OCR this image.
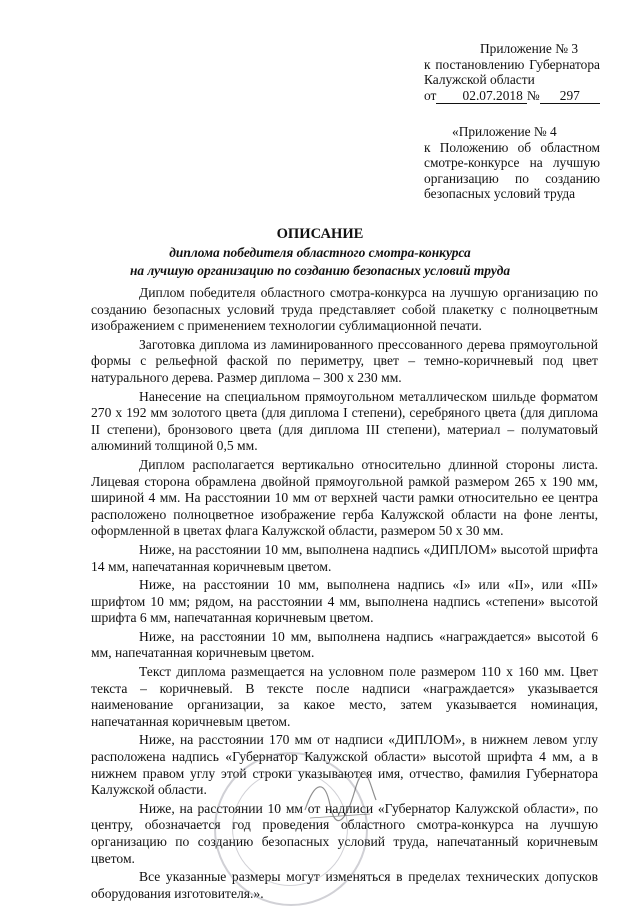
Приложение № 3
к постановлению Губернатора
Калужской области
от	02.07.2018 №	297
«Приложение № 4
к Положению об областном
смотре-конкурсе на лучшую
организацию по созданию
безопасных условий труда
ОПИСАНИЕ
диплома победителя областного смотра-конкурса
на лучшую организацию по созданию безопасных условий труда

Диплом победителя областного смотра-конкурса на лучшую организацию по созданию безопасных условий труда представляет собой плакетку с полноцветным изображением с применением технологии сублимационной печати.

Заготовка диплома из ламинированного прессованного дерева прямоугольной формы с рельефной фаской по периметру, цвет – темно-коричневый под цвет натурального дерева. Размер диплома – 300 х 230 мм.

Нанесение на специальном прямоугольном металлическом шильде форматом 270 х 192 мм золотого цвета (для диплома I степени), серебряного цвета (для диплома II степени), бронзового цвета (для диплома III степени), материал – полуматовый алюминий толщиной 0,5 мм.

Диплом располагается вертикально относительно длинной стороны листа. Лицевая сторона обрамлена двойной прямоугольной рамкой размером 265 х 190 мм, шириной 4 мм. На расстоянии 10 мм от верхней части рамки относительно ее центра расположено полноцветное изображение герба Калужской области на фоне ленты, оформленной в цветах флага Калужской области, размером 50 х 30 мм.

Ниже, на расстоянии 10 мм, выполнена надпись «ДИПЛОМ» высотой шрифта 14 мм, напечатанная коричневым цветом.

Ниже, на расстоянии 10 мм, выполнена надпись «I» или «II», или «III» шрифтом 10 мм; рядом, на расстоянии 4 мм, выполнена надпись «степени» высотой шрифта 6 мм, напечатанная коричневым цветом.

Ниже, на расстоянии 10 мм, выполнена надпись «награждается» высотой 6 мм, напечатанная коричневым цветом.

Текст диплома размещается на условном поле размером 110 х 160 мм. Цвет текста – коричневый. В тексте после надписи «награждается» указывается наименование организации, за какое место, затем указывается номинация, напечатанная коричневым цветом.

Ниже, на расстоянии 170 мм от надписи «ДИПЛОМ», в нижнем левом углу расположена надпись «Губернатор Калужской области» высотой шрифта 4 мм, а в нижнем правом углу этой строки указываются имя, отчество, фамилия Губернатора Калужской области.

Ниже, на расстоянии 10 мм от надписи «Губернатор Калужской области», по центру, обозначается год проведения областного смотра-конкурса на лучшую организацию по созданию безопасных условий труда, напечатанный коричневым цветом.

Все указанные размеры могут изменяться в пределах технических допусков оборудования изготовителя.».
